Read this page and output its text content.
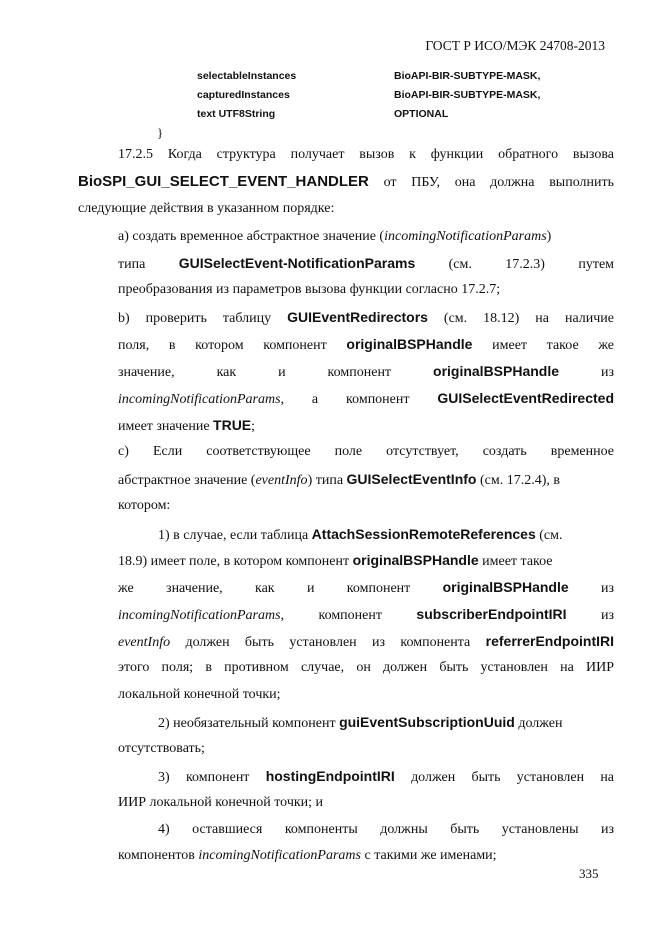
ГОСТ Р ИСО/МЭК 24708-2013
selectableInstances	BioAPI-BIR-SUBTYPE-MASK,
capturedInstances	BioAPI-BIR-SUBTYPE-MASK,
text UTF8String	OPTIONAL
}
17.2.5 Когда структура получает вызов к функции обратного вызова
BioSPI_GUI_SELECT_EVENT_HANDLER от ПБУ, она должна выполнить
следующие действия в указанном порядке:
а) создать временное абстрактное значение (incomingNotificationParams)
типа GUISelectEvent-NotificationParams (см. 17.2.3) путем
преобразования из параметров вызова функции согласно 17.2.7;
b) проверить таблицу GUIEventRedirectors (см. 18.12) на наличие
поля, в котором компонент originalBSPHandle имеет такое же
значение, как и компонент	originalBSPHandle	из
incomingNotificationParams, а компонент GUISelectEventRedirected
имеет значение TRUE;
c) Если соответствующее поле отсутствует, создать временное
абстрактное значение (eventInfo) типа GUISelectEventInfo (см. 17.2.4), в
котором:
1) в случае, если таблица AttachSessionRemoteReferences (см.
18.9) имеет поле, в котором компонент originalBSPHandle имеет такое
же значение, как и компонент originalBSPHandle из
incomingNotificationParams, компонент subscriberEndpointIRI из
eventInfo должен быть установлен из компонента referrerEndpointIRI
этого поля; в противном случае, он должен быть установлен на ИИР
локальной конечной точки;
2) необязательный компонент guiEventSubscriptionUuid должен
отсутствовать;
3) компонент hostingEndpointIRI должен быть установлен на
ИИР локальной конечной точки; и
4) оставшиеся компоненты должны быть установлены из
компонентов incomingNotificationParams с такими же именами;
335
